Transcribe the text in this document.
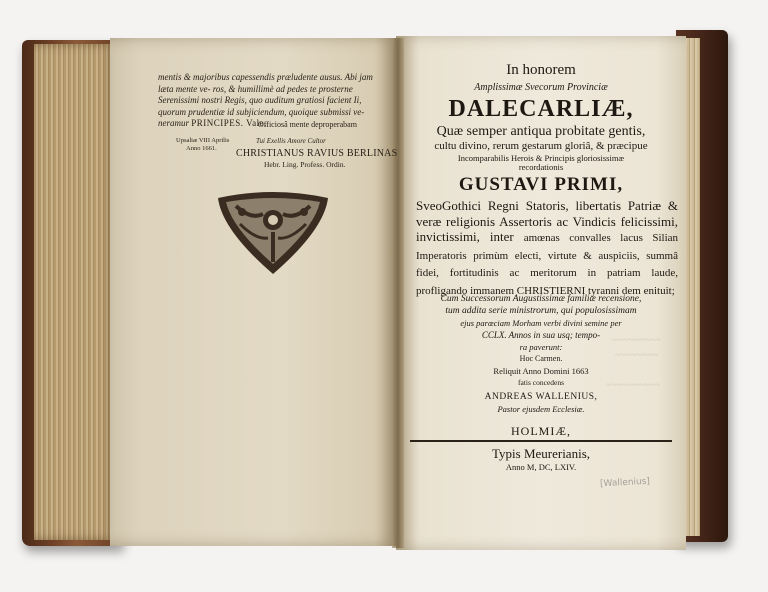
~~~~~~~~~
~~~~~~~~
~~~~~~~~~~
mentis & majoribus capessendis præludente ausus. Abi jam læta mente ve- ros, & humillimè ad pedes te prosterne Serenissimi nostri Regis, quo auditum gratiosi facient Ii, quorum prudentiæ id subjiciendum, quoique submissi ve- neramur PRINCIPES. Vale.
Officiosâ mente deproperabam
Upsaliæ VIII Aprilis
Anno 1661.
Tui Exellis Amore Cultor
CHRISTIANUS RAVIUS BERLINAS
Hebr. Ling. Profess. Ordin.
In honorem
Amplissimæ Svecorum Provinciæ
DALECARLIÆ,
Quæ semper antiqua probitate gentis,
cultu divino, rerum gestarum gloriâ, & præcipue
Incomparabilis Herois & Principis gloriosissimæ
recordationis
GUSTAVI PRIMI,
SveoGothici Regni Statoris, libertatis Patriæ & veræ religionis Assertoris ac Vindicis felicissimi, invictissimi, inter amœnas convalles lacus Silian Imperatoris primùm electi, virtute & auspiciis, summâ fidei, fortitudinis ac meritorum in patriam laude, profligando immanem CHRISTIERNI tyranni dem enituit;
Cum Successorum Augustissimæ familiæ recensione,
tum addita serie ministrorum, qui populosissimam
ejus parœciam Morham verbi divini semine per
CCLX. Annos in sua usq; tempo-
ra paverunt:
Hoc Carmen.
Reliquit Anno Domini 1663
fatis concedens
ANDREAS WALLENIUS,
Pastor ejusdem Ecclesiæ.
HOLMIÆ,
Typis Meurerianis,
Anno M, DC, LXIV.
[Wallenius]
